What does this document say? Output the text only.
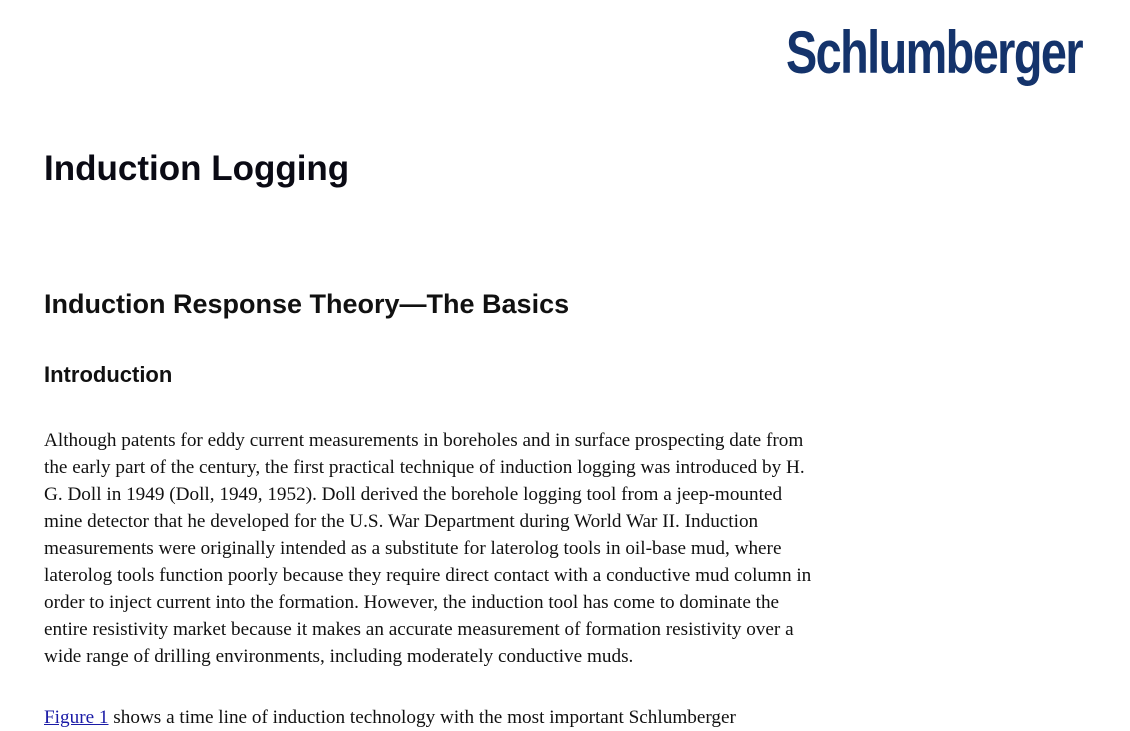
Schlumberger
Induction Logging
Induction Response Theory—The Basics
Introduction

Although patents for eddy current measurements in boreholes and in surface prospecting date from
the early part of the century, the first practical technique of induction logging was introduced by H.
G. Doll in 1949 (Doll, 1949, 1952). Doll derived the borehole logging tool from a jeep-mounted
mine detector that he developed for the U.S. War Department during World War II. Induction
measurements were originally intended as a substitute for laterolog tools in oil-base mud, where
laterolog tools function poorly because they require direct contact with a conductive mud column in
order to inject current into the formation. However, the induction tool has come to dominate the
entire resistivity market because it makes an accurate measurement of formation resistivity over a
wide range of drilling environments, including moderately conductive muds.

Figure 1 shows a time line of induction technology with the most important Schlumberger
